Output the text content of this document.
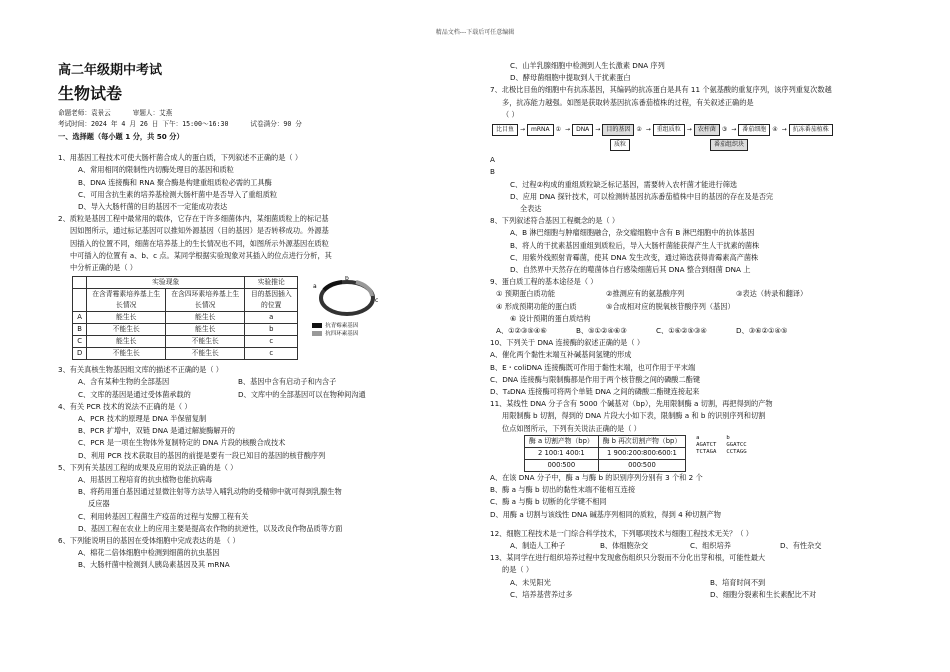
精品文档---下载后可任意编辑
高二年级期中考试
生物试卷
命题老师：袁景云	审题人：艾燕
考试时间：2024 年 4 月 26 日 下午：15:00～16:30	试卷满分：90 分
一、选择题（每小题 1 分，共 50 分）
1、用基因工程技术可使大肠杆菌合成人的蛋白质，下列叙述不正确的是（ ）
A、常用相同的限制性内切酶处理目的基因和质粒
B、DNA 连接酶和 RNA 聚合酶是构建重组质粒必需的工具酶
C、可用含抗生素的培养基检测大肠杆菌中是否导入了重组质粒
D、导入大肠杆菌的目的基因不一定能成功表达
2、质粒是基因工程中最常用的载体，它存在于许多细菌体内，某细菌质粒上的标记基
因如图所示，通过标记基因可以推知外源基因（目的基因）是否转移成功。外源基
因插入的位置不同，细菌在培养基上的生长情况也不同，如图所示外源基因在质粒
中可插入的位置有 a、b、c 点。某同学根据实验现象对其插入的位点进行分析，其
中分析正确的是（ ）
	实验现象		实验推论
	在含青霉素培养基上生长情况	在含四环素培养基上生长情况	目的基因插入的位置
A	能生长	能生长	a
B	不能生长	能生长	b
C	能生长	不能生长	c
D	不能生长	不能生长	c
a
b
c
抗青霉素基因
抗四环素基因
3、有关真核生物基因组文库的描述不正确的是（ ）
A、含有某种生物的全部基因	B、基因中含有启动子和内含子
C、文库的基因是通过受体菌承载的	D、文库中的全部基因可以在物种间沟通
4、有关 PCR 技术的说法不正确的是（ ）
A、PCR 技术的原理是 DNA 半保留复制
B、PCR 扩增中，双链 DNA 是通过解旋酶解开的
C、PCR 是一项在生物体外复制特定的 DNA 片段的核酸合成技术
D、利用 PCR 技术获取目的基因的前提是要有一段已知目的基因的核苷酸序列
5、下列有关基因工程的成果及应用的说法正确的是（ ）
A、用基因工程培育的抗虫植物也能抗病毒
B、将药用蛋白基因通过显微注射等方法导入哺乳动物的受精卵中就可得到乳腺生物
反应器
C、利用转基因工程菌生产疫苗的过程与发酵工程有关
D、基因工程在农业上的应用主要是提高农作物的抗逆性，以及改良作物品质等方面
6、下列能说明目的基因在受体细胞中完成表达的是 （ ）
A、棉花二倍体细胞中检测到细菌的抗虫基因
B、大肠杆菌中检测到人胰岛素基因及其 mRNA
C、山羊乳腺细胞中检测到人生长激素 DNA 序列
D、酵母菌细胞中提取到人干扰素蛋白
7、北极比目鱼的细胞中有抗冻基因，其编码的抗冻蛋白是具有 11 个氨基酸的重复序列，该序列重复次数越
多，抗冻能力越强。如图是获取转基因抗冻番茄植株的过程，有关叙述正确的是
（ ）
比目鱼	→	mRNA	① →	DNA	→	目的基因	② →	重组质粒	→	农杆菌	③ →	番茄细胞	④ →	抗冻番茄植株
质粒	番茄组织块
A
B
C、过程②构成的重组质粒缺乏标记基因，需要转入农杆菌才能进行筛选
D、应用 DNA 探针技术，可以检测转基因抗冻番茄植株中目的基因的存在及是否完
全表达
8、下列叙述符合基因工程概念的是（ ）
A、B 淋巴细胞与肿瘤细胞融合，杂交瘤细胞中含有 B 淋巴细胞中的抗体基因
B、将人的干扰素基因重组到质粒后，导入大肠杆菌能获得产生人干扰素的菌株
C、用紫外线照射青霉菌，使其 DNA 发生改变，通过筛选获得青霉素高产菌株
D、自然界中天然存在的噬菌体自行感染细菌后其 DNA 整合到细菌 DNA 上
9、蛋白质工程的基本途径是（ ）
① 预期蛋白质功能	②推测应有的氨基酸序列	③表达（转录和翻译）
④ 形成预期功能的蛋白质	⑤合成相对应的脱氧核苷酸序列（基因）
⑥ 设计预期的蛋白质结构
A、①②③⑤④⑥	B、⑤①②④⑥③	C、①⑥②⑤③④	D、③⑥②①④⑤
10、下列关于 DNA 连接酶的叙述正确的是（ ）
A、催化两个黏性末端互补碱基间氢键的形成
B、E・coliDNA 连接酶既可作用于黏性末端，也可作用于平末端
C、DNA 连接酶与限制酶都是作用于两个核苷酸之间的磷酸二酯键
D、T₄DNA 连接酶可将两个单链 DNA 之间的磷酸二酯键连接起来
11、某线性 DNA 分子含有 5000 个碱基对（bp），先用限制酶 a 切割，再把得到的产物
用限制酶 b 切割，得到的 DNA 片段大小如下表，限制酶 a 和 b 的识别序列和切割
位点如图所示，下列有关说法正确的是（ ）
酶 a 切割产物（bp）	酶 b 再次切割产物（bp）
2 100∶1 400∶1	1 900∶200∶800∶600∶1
000∶500	000∶500
a
AGATCT
TCTAGA
b
GGATCC
CCTAGG
A、在该 DNA 分子中，酶 a 与酶 b 的识别序列分别有 3 个和 2 个
B、酶 a 与酶 b 切出的黏性末端不能相互连接
C、酶 a 与酶 b 切断的化学键不相同
D、用酶 a 切割与该线性 DNA 碱基序列相同的质粒，得到 4 种切割产物
12、细胞工程技术是一门综合科学技术，下列哪项技术与细胞工程技术无关？（ ）
A、制造人工种子	B、体细胞杂交	C、组织培养	D、有性杂交
13、某同学在进行组织培养过程中发现愈伤组织只分裂而不分化出芽和根，可能性最大
的是（ ）
A、未见阳光	B、培育时间不到
C、培养基营养过多	D、细胞分裂素和生长素配比不对
